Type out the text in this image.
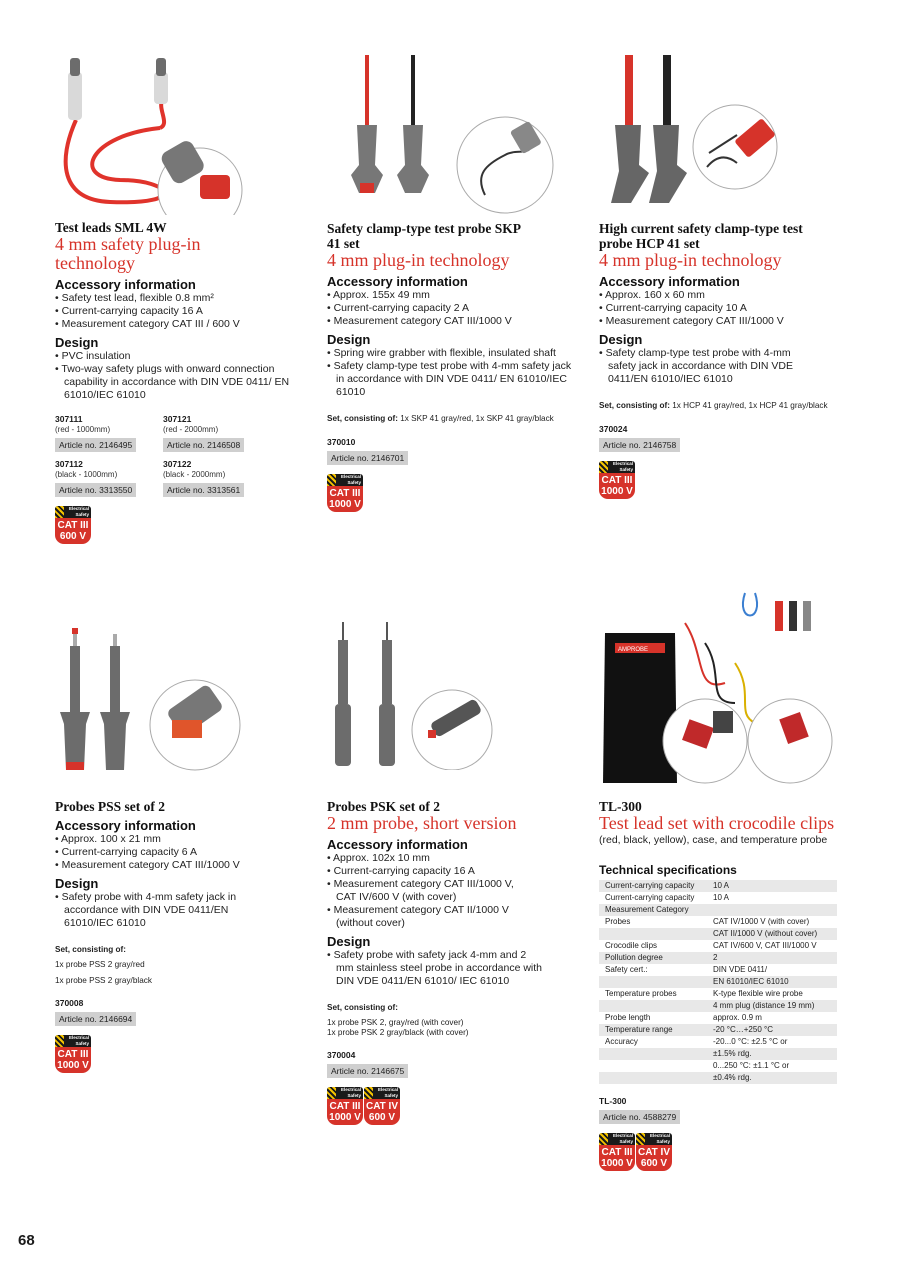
AMPROBE
Test leads SML 4W
4 mm safety plug-in technology
Accessory information
• Safety test lead, flexible 0.8 mm²
• Current-carrying capacity 16 A
• Measurement category CAT III / 600 V
Design
• PVC insulation
• Two-way safety plugs with onward connection capability in accordance with DIN VDE 0411/ EN 61010/IEC 61010
307111
(red - 1000mm)
Article no. 2146495
307121
(red - 2000mm)
Article no. 2146508
307112
(black - 1000mm)
Article no. 3313550
307122
(black - 2000mm)
Article no. 3313561
Electrical
Safety
CAT III
600 V
Safety clamp-type test probe SKP 41 set
4 mm plug-in technology
Accessory information
• Approx. 155x 49 mm
• Current-carrying capacity 2 A
• Measurement category CAT III/1000 V
Design
• Spring wire grabber with flexible, insulated shaft
• Safety clamp-type test probe with 4-mm safety jack in accordance with DIN VDE 0411/ EN 61010/IEC 61010
Set, consisting of: 1x SKP 41 gray/red, 1x SKP 41 gray/black
370010
Article no. 2146701
Electrical
Safety
CAT III
1000 V
High current safety clamp-type test probe HCP 41 set
4 mm plug-in technology
Accessory information
• Approx. 160 x 60 mm
• Current-carrying capacity 10 A
• Measurement category CAT III/1000 V
Design
• Safety clamp-type test probe with 4-mm safety jack in accordance with DIN VDE 0411/EN 61010/IEC 61010
Set, consisting of: 1x HCP 41 gray/red, 1x HCP 41 gray/black
370024
Article no. 2146758
Electrical
Safety
CAT III
1000 V
Probes PSS set of 2
Accessory information
• Approx. 100 x 21 mm
• Current-carrying capacity 6 A
• Measurement category CAT III/1000 V
Design
• Safety probe with 4-mm safety jack in accordance with DIN VDE 0411/EN 61010/IEC 61010
Set, consisting of:
1x probe PSS 2 gray/red
1x probe PSS 2 gray/black
370008
Article no. 2146694
Electrical
Safety
CAT III
1000 V
Probes PSK set of 2
2 mm probe, short version
Accessory information
• Approx. 102x 10 mm
• Current-carrying capacity 16 A
• Measurement category CAT III/1000 V, CAT IV/600 V (with cover)
• Measurement category CAT II/1000 V (without cover)
Design
• Safety probe with safety jack 4-mm and 2 mm stainless steel probe in accordance with DIN VDE 0411/EN 61010/ IEC 61010
Set, consisting of:
1x probe PSK 2, gray/red (with cover)
1x probe PSK 2 gray/black (with cover)
370004
Article no. 2146675
Electrical
Safety
CAT III
1000 V
Electrical
Safety
CAT IV
600 V
TL-300
Test lead set with crocodile clips
(red, black, yellow), case, and temperature probe
Technical specifications
Current-carrying capacity	10 A
Current-carrying capacity	10 A
Measurement Category	
Probes	CAT IV/1000 V (with cover)
	CAT II/1000 V (without cover)
Crocodile clips	CAT IV/600 V, CAT III/1000 V
Pollution degree	2
Safety cert.:	DIN VDE 0411/
	EN 61010/IEC 61010
Temperature probes	K-type flexible wire probe
	4 mm plug (distance 19 mm)
Probe length	approx. 0.9 m
Temperature range	-20 °C…+250 °C
Accuracy	-20...0 °C: ±2.5 °C or
	±1.5% rdg.
	0...250 °C: ±1.1 °C or
	±0.4% rdg.
TL-300
Article no. 4588279
Electrical
Safety
CAT III
1000 V
Electrical
Safety
CAT IV
600 V
68
